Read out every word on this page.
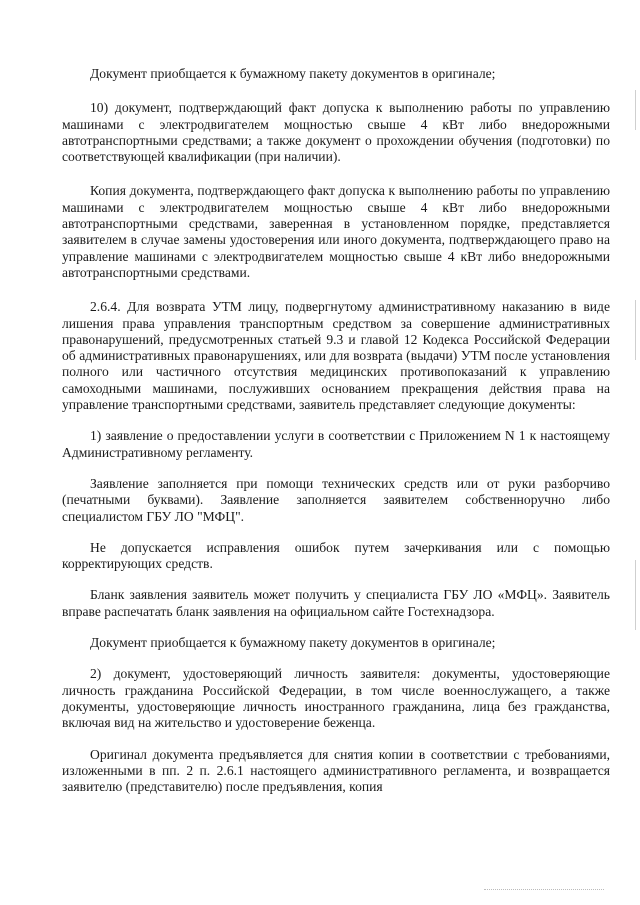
Документ приобщается к бумажному пакету документов в оригинале;

10) документ, подтверждающий факт допуска к выполнению работы по управлению машинами с электродвигателем мощностью свыше 4 кВт либо внедорожными автотранспортными средствами; а также документ о прохождении обучения (подготовки) по соответствующей квалификации (при наличии).

Копия документа, подтверждающего факт допуска к выполнению работы по управлению машинами с электродвигателем мощностью свыше 4 кВт либо внедорожными автотранспортными средствами, заверенная в установленном порядке, представляется заявителем в случае замены удостоверения или иного документа, подтверждающего право на управление машинами с электродвигателем мощностью свыше 4 кВт либо внедорожными автотранспортными средствами.

2.6.4. Для возврата УТМ лицу, подвергнутому административному наказанию в виде лишения права управления транспортным средством за совершение административных правонарушений, предусмотренных статьей 9.3 и главой 12 Кодекса Российской Федерации об административных правонарушениях, или для возврата (выдачи) УТМ после установления полного или частичного отсутствия медицинских противопоказаний к управлению самоходными машинами, послуживших основанием прекращения действия права на управление транспортными средствами, заявитель представляет следующие документы:

1) заявление о предоставлении услуги в соответствии с Приложением N 1 к настоящему Административному регламенту.

Заявление заполняется при помощи технических средств или от руки разборчиво (печатными буквами). Заявление заполняется заявителем собственноручно либо специалистом ГБУ ЛО "МФЦ".

Не допускается исправления ошибок путем зачеркивания или с помощью корректирующих средств.

Бланк заявления заявитель может получить у специалиста ГБУ ЛО «МФЦ». Заявитель вправе распечатать бланк заявления на официальном сайте Гостехнадзора.

Документ приобщается к бумажному пакету документов в оригинале;

2) документ, удостоверяющий личность заявителя: документы, удостоверяющие личность гражданина Российской Федерации, в том числе военнослужащего, а также документы, удостоверяющие личность иностранного гражданина, лица без гражданства, включая вид на жительство и удостоверение беженца.

Оригинал документа предъявляется для снятия копии в соответствии с требованиями, изложенными в пп. 2 п. 2.6.1 настоящего административного регламента, и возвращается заявителю (представителю) после предъявления, копия
